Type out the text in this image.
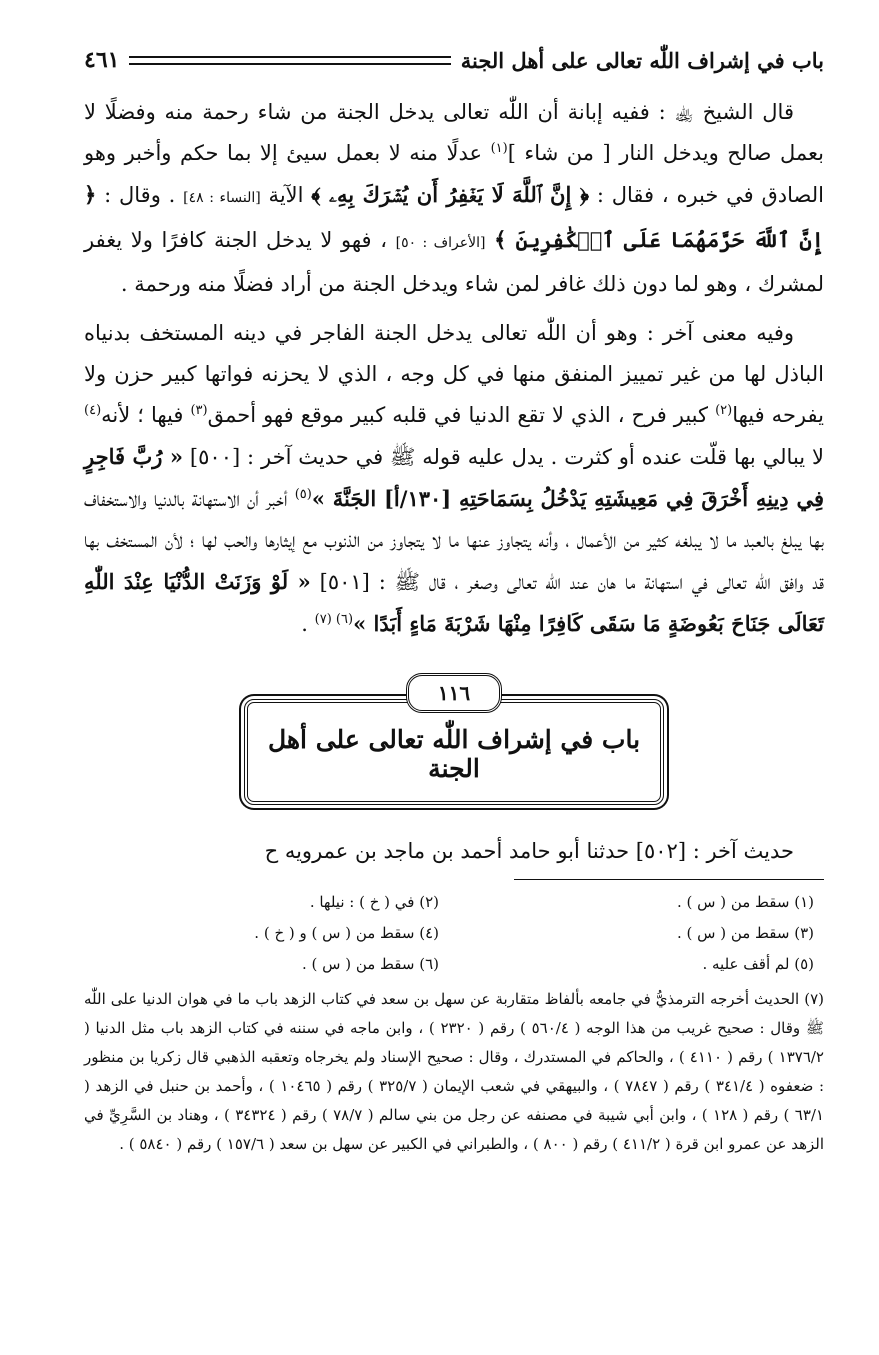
باب في إشراف اللّٰه تعالى على أهل الجنة
٤٦١

قال الشيخ ﵀ : ففيه إبانة أن اللّٰه تعالى يدخل الجنة من شاء رحمة منه وفضلًا لا بعمل صالح ويدخل النار [ من شاء ]$^{(١)}$ عدلًا منه لا بعمل سيئ إلا بما حكم وأخبر وهو الصادق في خبره ، فقال : ﴿ إِنَّ ٱللَّهَ لَا يَغۡفِرُ أَن يُشۡرَكَ بِهِۦ ﴾ الآية [النساء : ٤٨] . وقال : ﴿ إِنَّ ٱللَّهَ حَرَّمَهُمَا عَلَى ٱلۡكَٰفِرِينَ ﴾ [الأعراف : ٥٠] ، فهو لا يدخل الجنة كافرًا ولا يغفر لمشرك ، وهو لما دون ذلك غافر لمن شاء ويدخل الجنة من أراد فضلًا منه ورحمة .

وفيه معنى آخر : وهو أن اللّٰه تعالى يدخل الجنة الفاجر في دينه المستخف بدنياه الباذل لها من غير تمييز المنفق منها في كل وجه ، الذي لا يحزنه فواتها كبير حزن ولا يفرحه فيها$^{(٢)}$ كبير فرح ، الذي لا تقع الدنيا في قلبه كبير موقع فهو أحمق$^{(٣)}$ فيها ؛ لأنه$^{(٤)}$ لا يبالي بها قلّت عنده أو كثرت . يدل عليه قوله ﷺ في حديث آخر : [٥٠٠] « رُبَّ فَاجِرٍ فِي دِينِهِ أَخْرَقَ فِي مَعِيشَتِهِ يَدْخُلُ بِسَمَاحَتِهِ [١٣٠/أ] الجَنَّةَ »$^{(٥)}$ أخبر أن الاستهانة بالدنيا والاستخفاف بها يبلغ بالعبد ما لا يبلغه كثير من الأعمال ، وأنه يتجاوز عنها ما لا يتجاوز من الذنوب مع إيثارها والحب لها ؛ لأن المستخف بها قد وافق اللّٰه تعالى في استهانة ما هان عند اللّٰه تعالى وصغر ، قال ﷺ : [٥٠١] « لَوْ وَزَنَتْ الدُّنْيَا عِنْدَ اللّٰهِ تَعَالَى جَنَاحَ بَعُوضَةٍ مَا سَقَى كَافِرًا مِنْهَا شَرْبَةَ مَاءٍ أَبَدًا »$^{(٦) (٧)}$ .

١١٦
باب في إشراف اللّٰه تعالى على أهل الجنة
حديث آخر : [٥٠٢] حدثنا أبو حامد أحمد بن ماجد بن عمرويه ح
(١) سقط من ( س ) .
(٢) في ( خ ) : نيلها .
(٣) سقط من ( س ) .
(٤) سقط من ( س ) و ( خ ) .
(٥) لم أقف عليه .
(٦) سقط من ( س ) .
(٧) الحديث أخرجه الترمذيُّ في جامعه بألفاظ متقاربة عن سهل بن سعد في كتاب الزهد باب ما في هوان الدنيا على اللّٰه ﷺ وقال : صحيح غريب من هذا الوجه ( ٥٦٠/٤ ) رقم ( ٢٣٢٠ ) ، وابن ماجه في سننه في كتاب الزهد باب مثل الدنيا ( ١٣٧٦/٢ ) رقم ( ٤١١٠ ) ، والحاكم في المستدرك ، وقال : صحيح الإسناد ولم يخرجاه وتعقبه الذهبي قال زكريا بن منظور : ضعفوه ( ٣٤١/٤ ) رقم ( ٧٨٤٧ ) ، والبيهقي في شعب الإيمان ( ٣٢٥/٧ ) رقم ( ١٠٤٦٥ ) ، وأحمد بن حنبل في الزهد ( ٦٣/١ ) رقم ( ١٢٨ ) ، وابن أبي شيبة في مصنفه عن رجل من بني سالم ( ٧٨/٧ ) رقم ( ٣٤٣٢٤ ) ، وهناد بن السَّرِيِّ في الزهد عن عمرو ابن قرة ( ٤١١/٢ ) رقم ( ٨٠٠ ) ، والطبراني في الكبير عن سهل بن سعد ( ١٥٧/٦ ) رقم ( ٥٨٤٠ ) .
